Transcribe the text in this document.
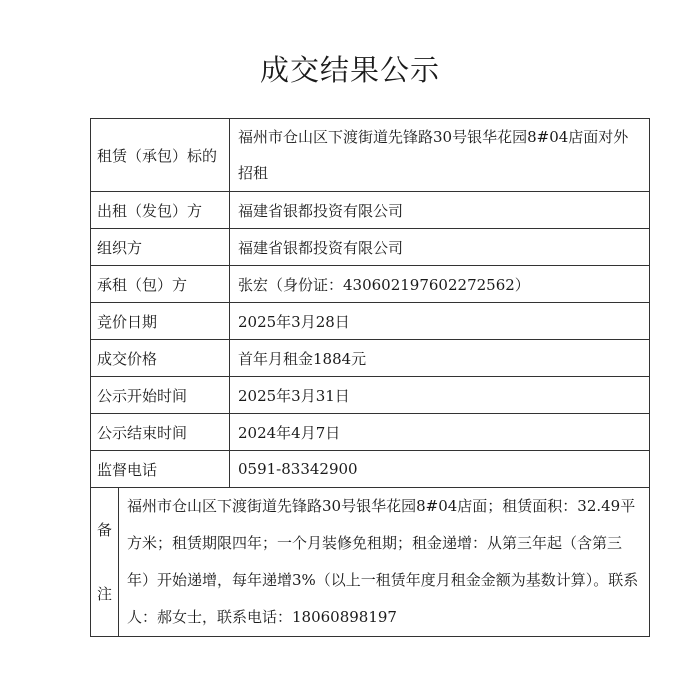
成交结果公示
租赁（承包）标的		福州市仓山区下渡街道先锋路30号银华花园8#04店面对外招租
出租（发包）方		福建省银都投资有限公司
组织方		福建省银都投资有限公司
承租（包）方		张宏（身份证：430602197602272562）
竞价日期		2025年3月28日
成交价格		首年月租金1884元
公示开始时间		2025年3月31日
公示结束时间		2024年4月7日
监督电话		0591-83342900

备
注	福州市仓山区下渡街道先锋路30号银华花园8#04店面；租赁面积：32.49平方米；租赁期限四年；一个月装修免租期；租金递增：从第三年起（含第三年）开始递增，每年递增3%（以上一租赁年度月租金金额为基数计算）。联系人：郝女士，联系电话：18060898197	
